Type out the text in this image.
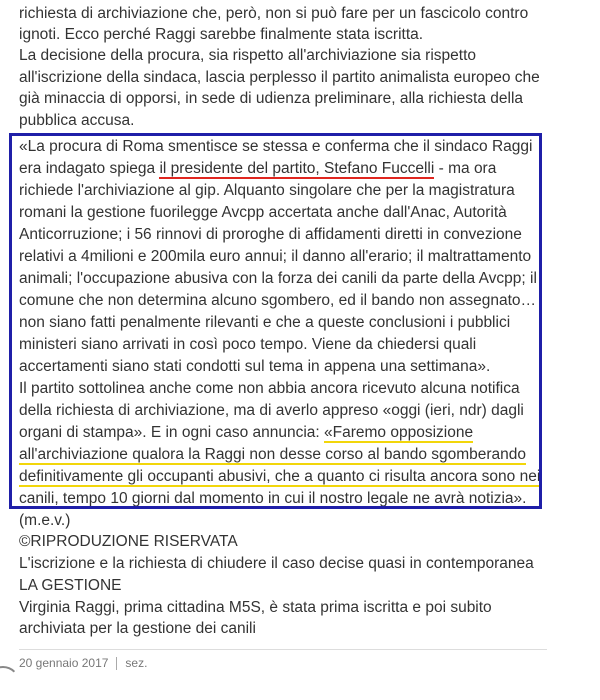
richiesta di archiviazione che, però, non si può fare per un fascicolo contro
ignoti. Ecco perché Raggi sarebbe finalmente stata iscritta.
La decisione della procura, sia rispetto all'archiviazione sia rispetto
all'iscrizione della sindaca, lascia perplesso il partito animalista europeo che
già minaccia di opporsi, in sede di udienza preliminare, alla richiesta della
pubblica accusa.
«La procura di Roma smentisce se stessa e conferma che il sindaco Raggi
era indagato spiega il presidente del partito, Stefano Fuccelli - ma ora
richiede l'archiviazione al gip. Alquanto singolare che per la magistratura
romani la gestione fuorilegge Avcpp accertata anche dall'Anac, Autorità
Anticorruzione; i 56 rinnovi di proroghe di affidamenti diretti in convezione
relativi a 4milioni e 200mila euro annui; il danno all'erario; il maltrattamento
animali; l'occupazione abusiva con la forza dei canili da parte della Avcpp; il
comune che non determina alcuno sgombero, ed il bando non assegnato…
non siano fatti penalmente rilevanti e che a queste conclusioni i pubblici
ministeri siano arrivati in così poco tempo. Viene da chiedersi quali
accertamenti siano stati condotti sul tema in appena una settimana».
Il partito sottolinea anche come non abbia ancora ricevuto alcuna notifica
della richiesta di archiviazione, ma di averlo appreso «oggi (ieri, ndr) dagli
organi di stampa». E in ogni caso annuncia: «Faremo opposizione
all'archiviazione qualora la Raggi non desse corso al bando sgomberando
definitivamente gli occupanti abusivi, che a quanto ci risulta ancora sono nei
canili, tempo 10 giorni dal momento in cui il nostro legale ne avrà notizia».
(m.e.v.)
©RIPRODUZIONE RISERVATA
L'iscrizione e la richiesta di chiudere il caso decise quasi in contemporanea
LA GESTIONE
Virginia Raggi, prima cittadina M5S, è stata prima iscritta e poi subito
archiviata per la gestione dei canili
20 gennaio 2017 sez.
